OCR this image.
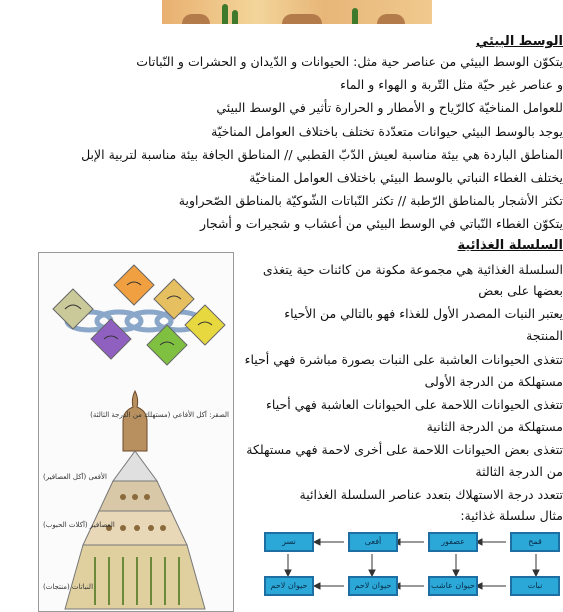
الوسط البيئي
يتكوّن الوسط البيئي من عناصر حية مثل: الحيوانات و الدّيدان و الحشرات و النّباتات
و عناصر غير حيّة مثل التّربة و الهواء و الماء
للعوامل المناخيّة كالرّياح و الأمطار و الحرارة تأثير في الوسط البيئي
يوجد بالوسط البيئي حيوانات متعدّدة تختلف باختلاف العوامل المناخيّة
المناطق الباردة هي بيئة مناسبة لعيش الدّبّ القطبي // المناطق الجافة بيئة مناسبة لتربية الإبل
يختلف الغطاء النباتي بالوسط البيئي باختلاف العوامل المناخيّة
تكثر الأشجار بالمناطق الرّطبة // تكثر النّباتات الشّوكيّة بالمناطق الصّحراوية
يتكوّن الغطاء النّباتي في الوسط البيئي من أعشاب و شجيرات و أشجار
السلسلة الغذائية
السلسلة الغذائية هي مجموعة مكونة من كائنات حية يتغذى
بعضها على بعض
يعتبر النبات المصدر الأول للغذاء فهو بالتالي من الأحياء
المنتجة
تتغذى الحيوانات العاشبة على النبات بصورة مباشرة فهي أحياء
مستهلكة من الدرجة الأولى
تتغذى الحيوانات اللاحمة على الحيوانات العاشبة فهي أحياء
مستهلكة من الدرجة الثانية
تتغذى بعض الحيوانات اللاحمة على أخرى لاحمة فهي مستهلكة
من الدرجة الثالثة
تتعدد درجة الاستهلاك بتعدد عناصر السلسلة الغذائية
مثال سلسلة غذائية:
الصقر: آكل الأفاعي (مستهلك من الدرجة الثالثة)
الأفعى (آكل العصافير)
العصافير (آكلات الحبوب)
النباتات (منتجات)
قمح
عصفور
أفعى
نسر
نبات
حيوان عاشب
حيوان لاحم
حيوان لاحم
